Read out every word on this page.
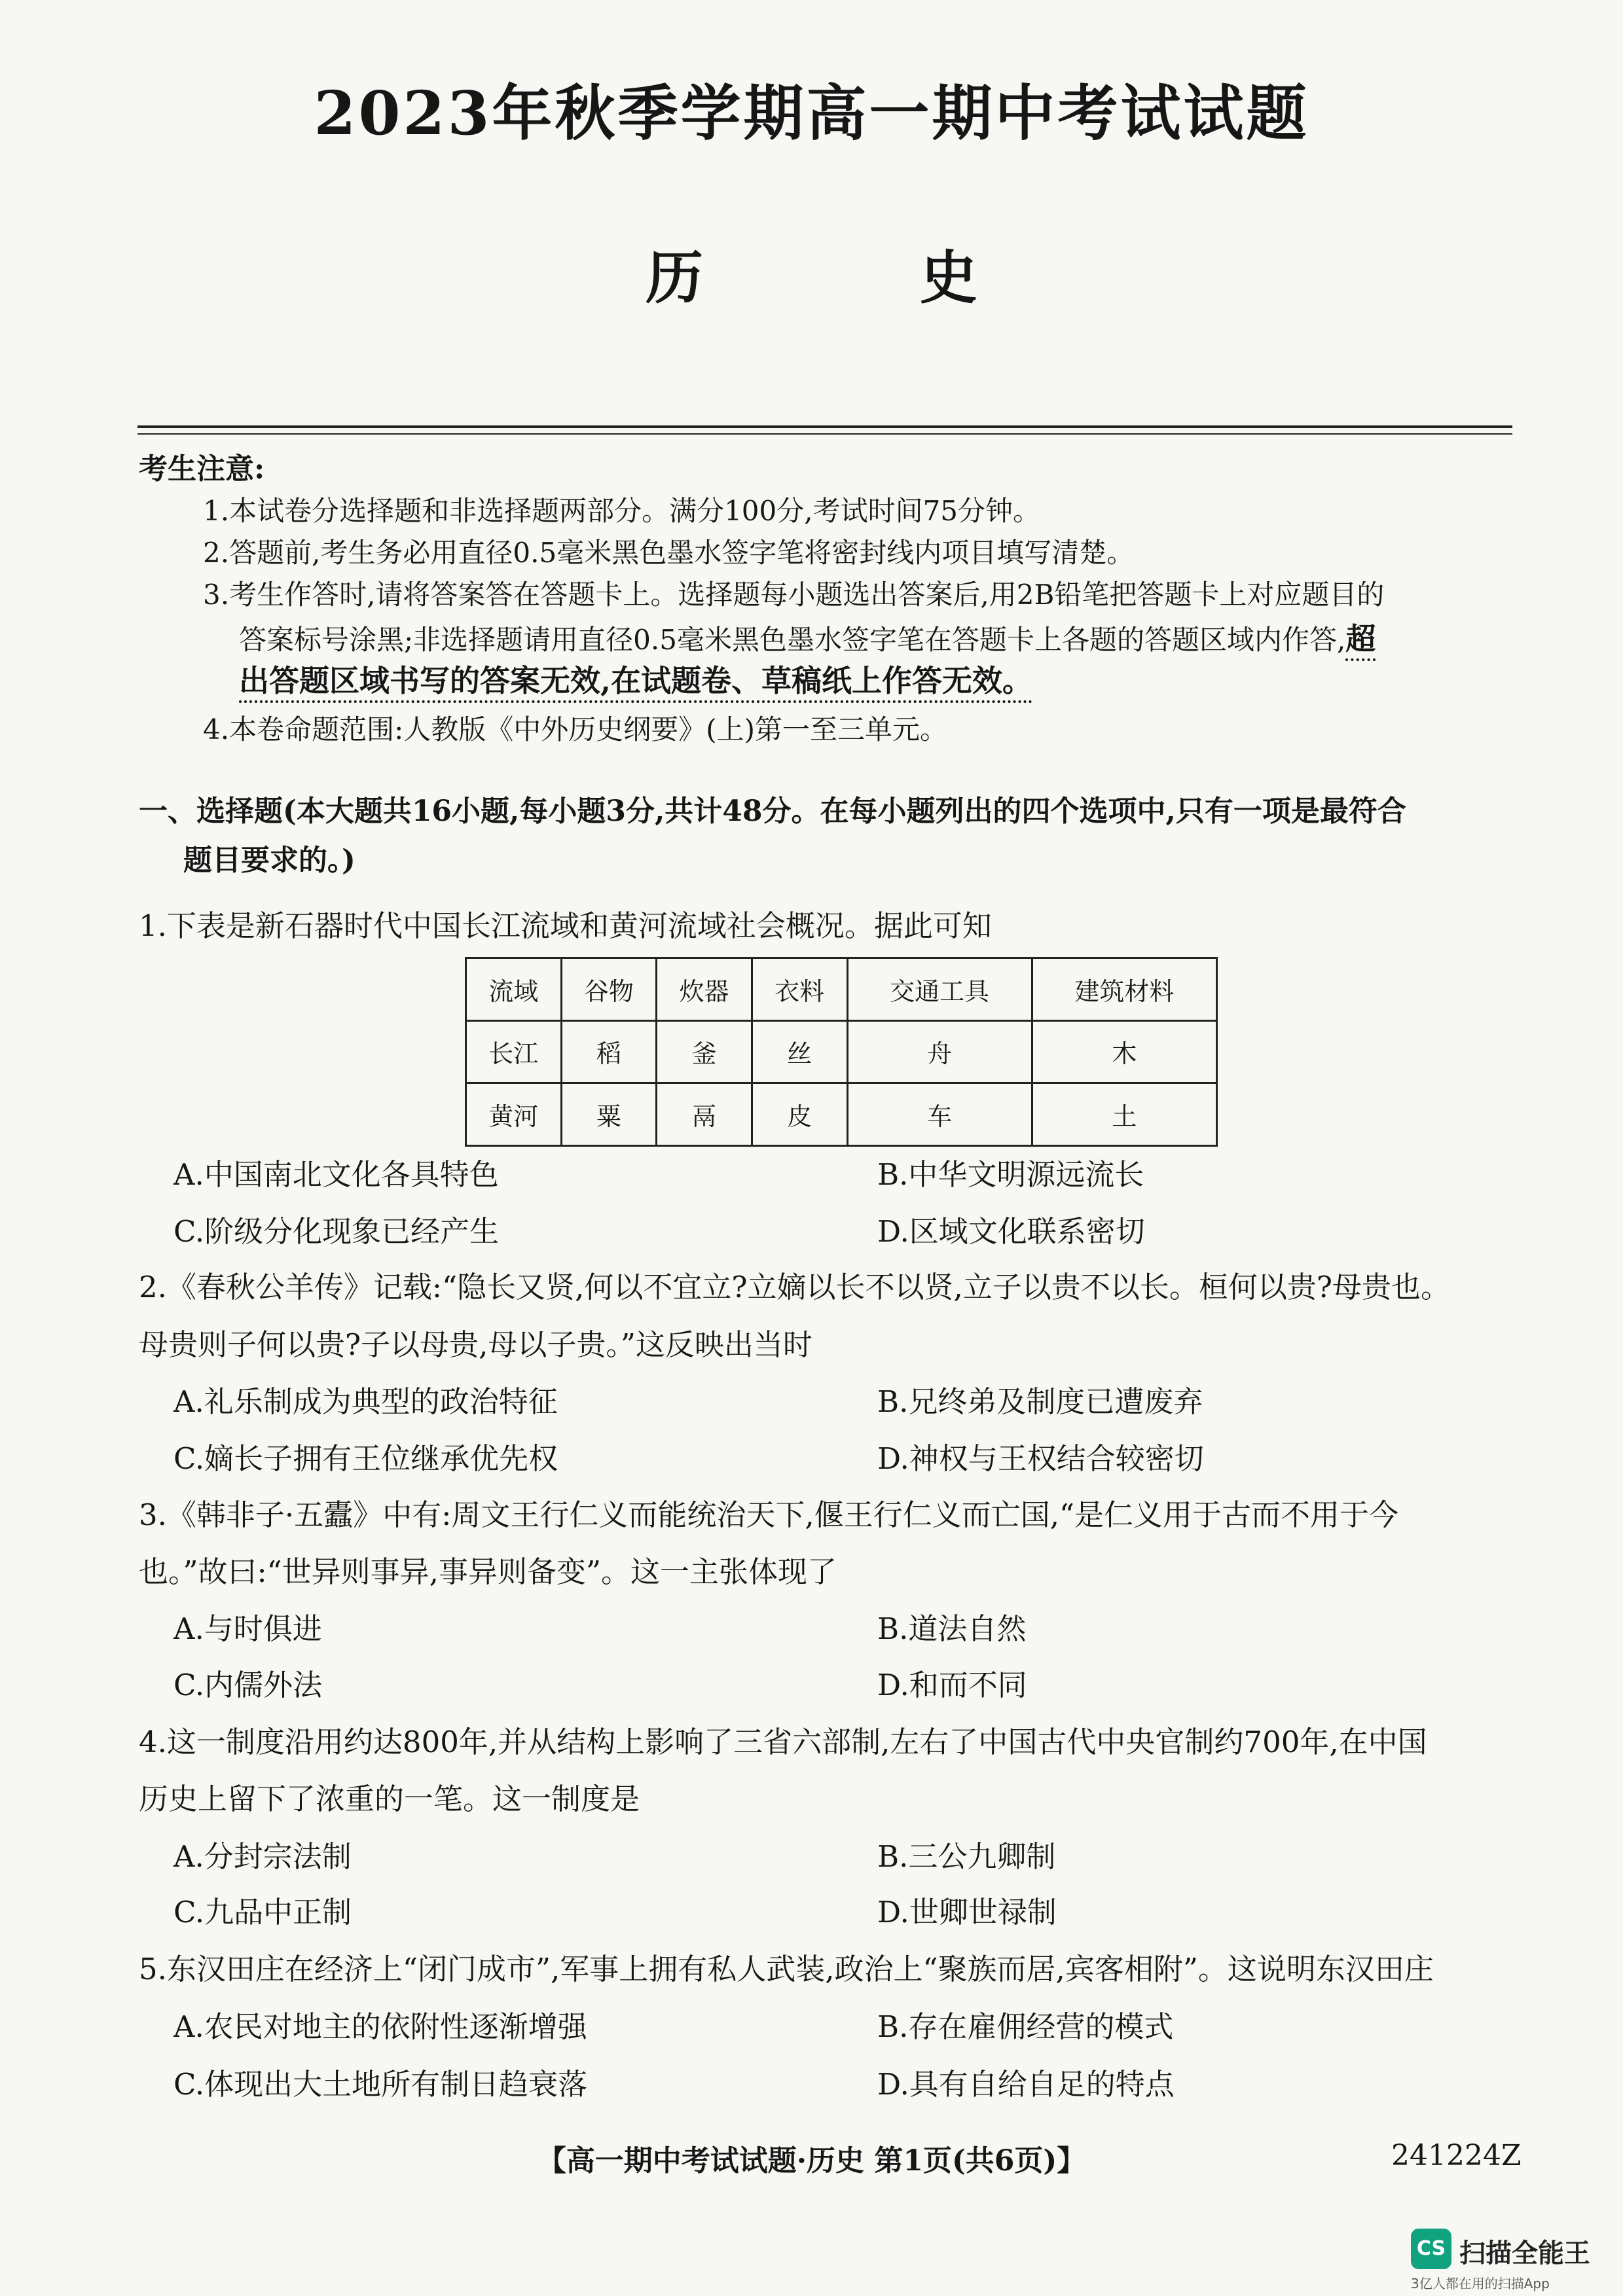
2023年秋季学期高一期中考试试题
历 史
考生注意:
1.本试卷分选择题和非选择题两部分。满分100分,考试时间75分钟。
2.答题前,考生务必用直径0.5毫米黑色墨水签字笔将密封线内项目填写清楚。
3.考生作答时,请将答案答在答题卡上。选择题每小题选出答案后,用2B铅笔把答题卡上对应题目的
答案标号涂黑;非选择题请用直径0.5毫米黑色墨水签字笔在答题卡上各题的答题区域内作答,超
出答题区域书写的答案无效,在试题卷、草稿纸上作答无效。
4.本卷命题范围:人教版《中外历史纲要》(上)第一至三单元。
一、选择题(本大题共16小题,每小题3分,共计48分。在每小题列出的四个选项中,只有一项是最符合
题目要求的。)
1.下表是新石器时代中国长江流域和黄河流域社会概况。据此可知
流域	谷物	炊器	衣料	交通工具	建筑材料
长江	稻	釜	丝	舟	木
黄河	粟	鬲	皮	车	土
A.中国南北文化各具特色	B.中华文明源远流长
C.阶级分化现象已经产生	D.区域文化联系密切
2.《春秋公羊传》记载:“隐长又贤,何以不宜立?立嫡以长不以贤,立子以贵不以长。桓何以贵?母贵也。
母贵则子何以贵?子以母贵,母以子贵。”这反映出当时
A.礼乐制成为典型的政治特征	B.兄终弟及制度已遭废弃
C.嫡长子拥有王位继承优先权	D.神权与王权结合较密切
3.《韩非子·五蠹》中有:周文王行仁义而能统治天下,偃王行仁义而亡国,“是仁义用于古而不用于今
也。”故曰:“世异则事异,事异则备变”。这一主张体现了
A.与时俱进	B.道法自然
C.内儒外法	D.和而不同
4.这一制度沿用约达800年,并从结构上影响了三省六部制,左右了中国古代中央官制约700年,在中国
历史上留下了浓重的一笔。这一制度是
A.分封宗法制	B.三公九卿制
C.九品中正制	D.世卿世禄制
5.东汉田庄在经济上“闭门成市”,军事上拥有私人武装,政治上“聚族而居,宾客相附”。这说明东汉田庄
A.农民对地主的依附性逐渐增强	B.存在雇佣经营的模式
C.体现出大土地所有制日趋衰落	D.具有自给自足的特点
【高一期中考试试题·历史 第1页(共6页)】	241224Z
CS 扫描全能王
3亿人都在用的扫描App
